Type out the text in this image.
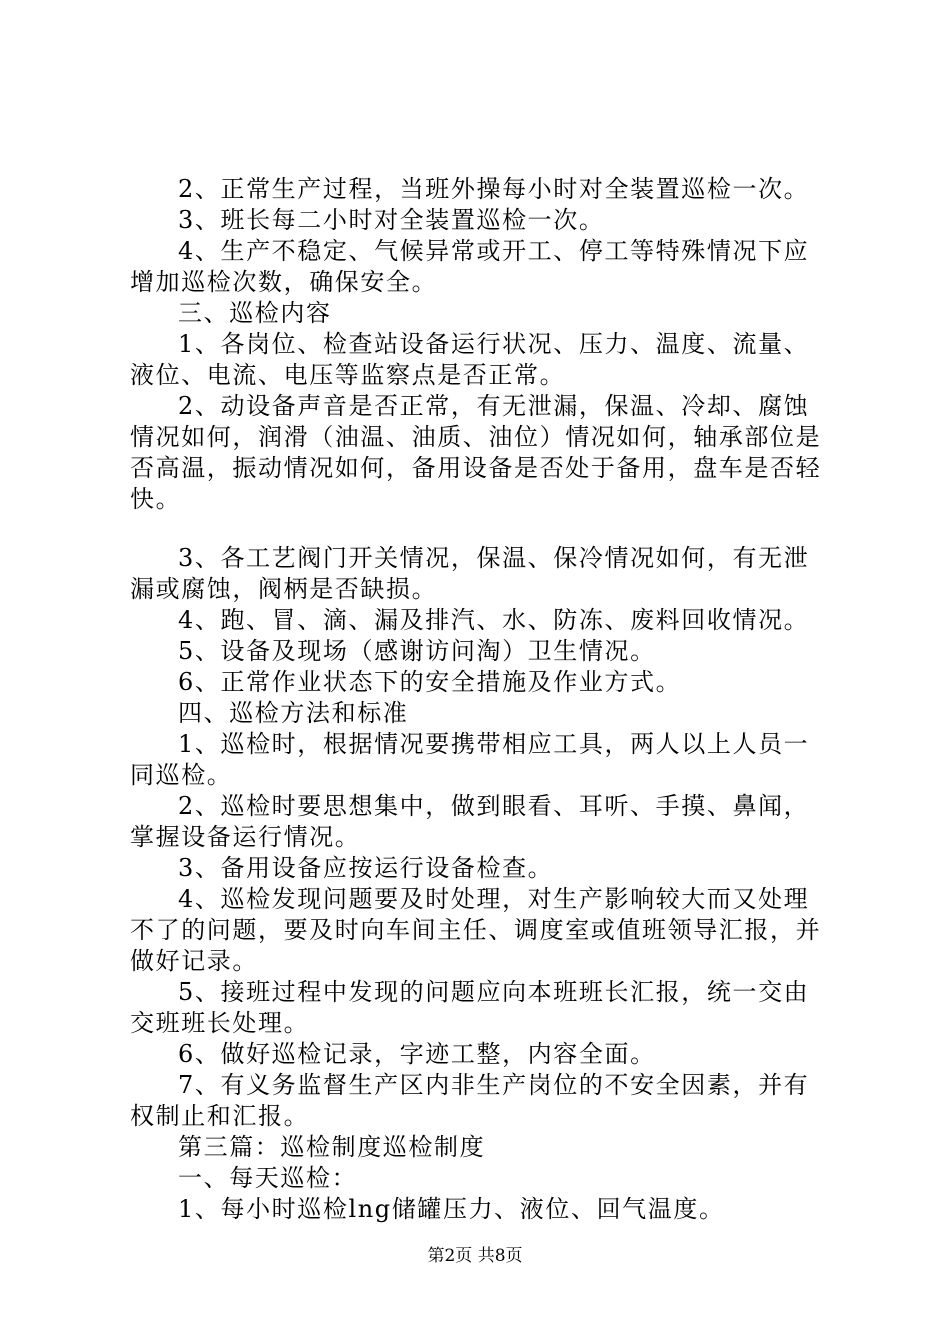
2、正常生产过程，当班外操每小时对全装置巡检一次。

3、班长每二小时对全装置巡检一次。

4、生产不稳定、气候异常或开工、停工等特殊情况下应增加巡检次数，确保安全。

三、巡检内容

1、各岗位、检查站设备运行状况、压力、温度、流量、液位、电流、电压等监察点是否正常。

2、动设备声音是否正常，有无泄漏，保温、冷却、腐蚀情况如何，润滑（油温、油质、油位）情况如何，轴承部位是否高温，振动情况如何，备用设备是否处于备用，盘车是否轻快。

3、各工艺阀门开关情况，保温、保冷情况如何，有无泄漏或腐蚀，阀柄是否缺损。

4、跑、冒、滴、漏及排汽、水、防冻、废料回收情况。

5、设备及现场（感谢访问淘）卫生情况。

6、正常作业状态下的安全措施及作业方式。

四、巡检方法和标准

1、巡检时，根据情况要携带相应工具，两人以上人员一同巡检。

2、巡检时要思想集中，做到眼看、耳听、手摸、鼻闻，掌握设备运行情况。

3、备用设备应按运行设备检查。

4、巡检发现问题要及时处理，对生产影响较大而又处理不了的问题，要及时向车间主任、调度室或值班领导汇报，并做好记录。

5、接班过程中发现的问题应向本班班长汇报，统一交由交班班长处理。

6、做好巡检记录，字迹工整，内容全面。

7、有义务监督生产区内非生产岗位的不安全因素，并有权制止和汇报。

第三篇：巡检制度巡检制度

一、每天巡检：

1、每小时巡检lng储罐压力、液位、回气温度。

第2页 共8页
